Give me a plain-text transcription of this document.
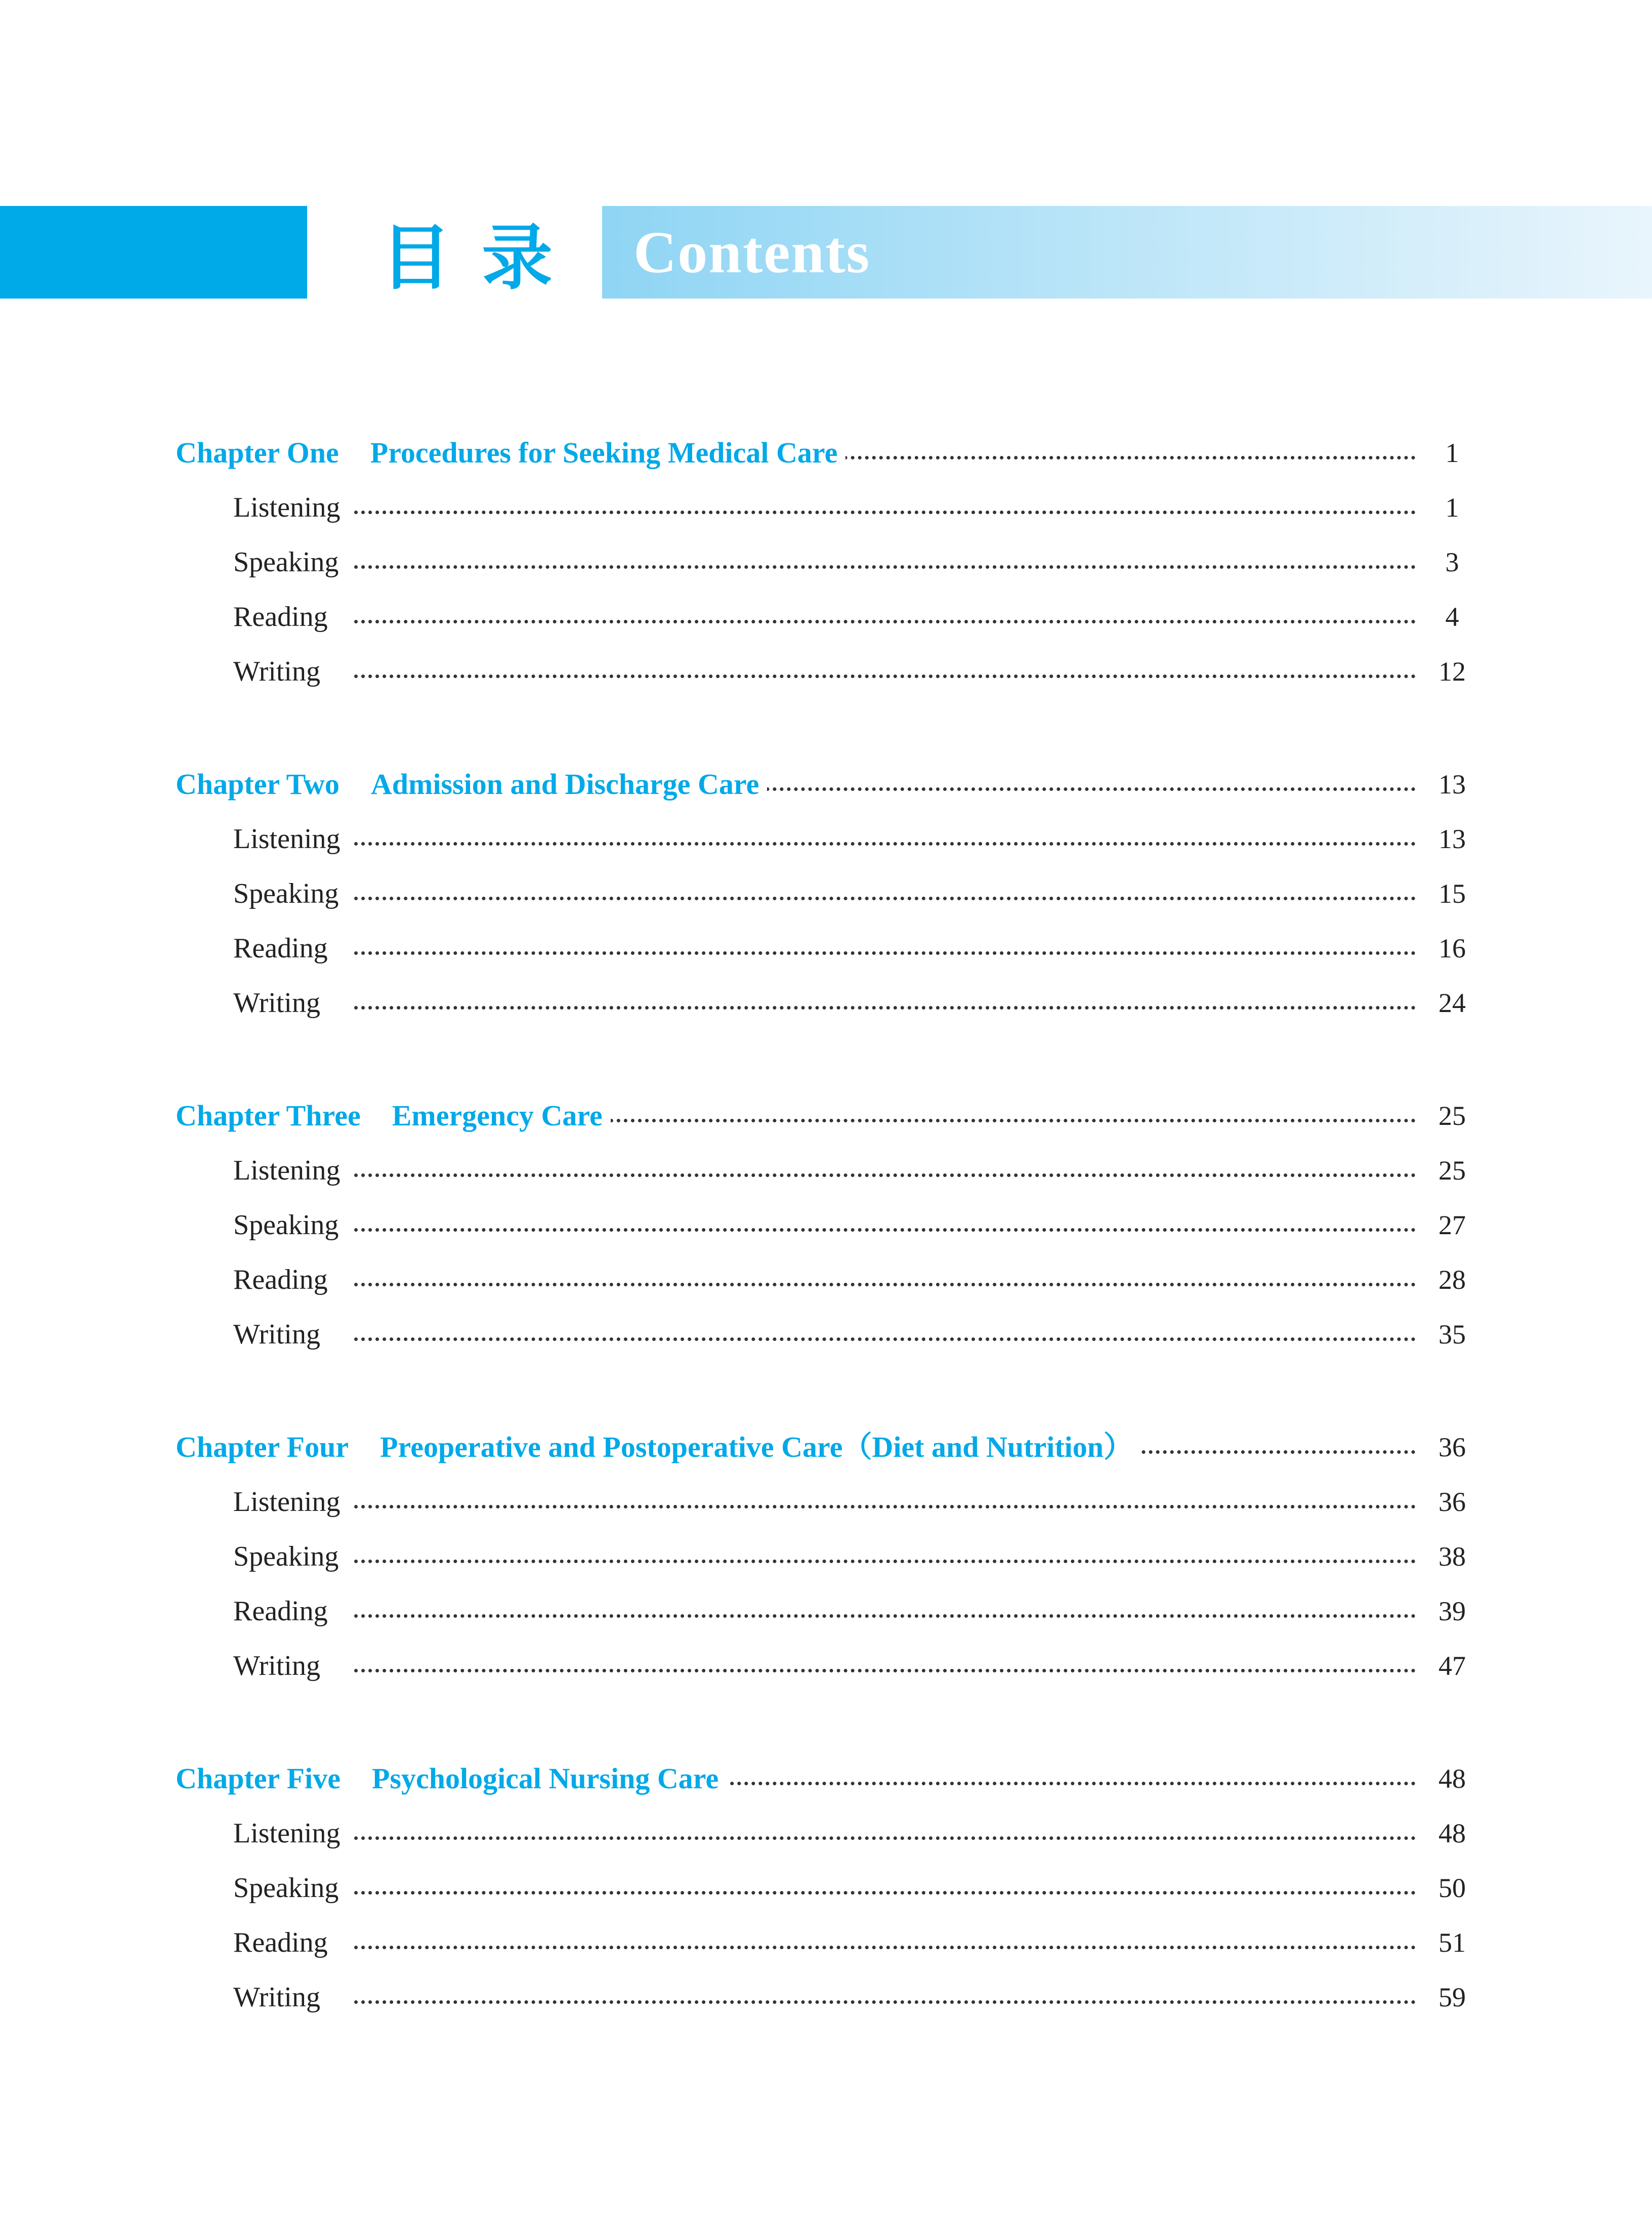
目录 Contents
Chapter One Procedures for Seeking Medical Care	1
Listening	1
Speaking	3
Reading	4
Writing	12
Chapter Two Admission and Discharge Care	13
Listening	13
Speaking	15
Reading	16
Writing	24
Chapter Three Emergency Care	25
Listening	25
Speaking	27
Reading	28
Writing	35
Chapter Four Preoperative and Postoperative Care（Diet and Nutrition）	36
Listening	36
Speaking	38
Reading	39
Writing	47
Chapter Five Psychological Nursing Care	48
Listening	48
Speaking	50
Reading	51
Writing	59
